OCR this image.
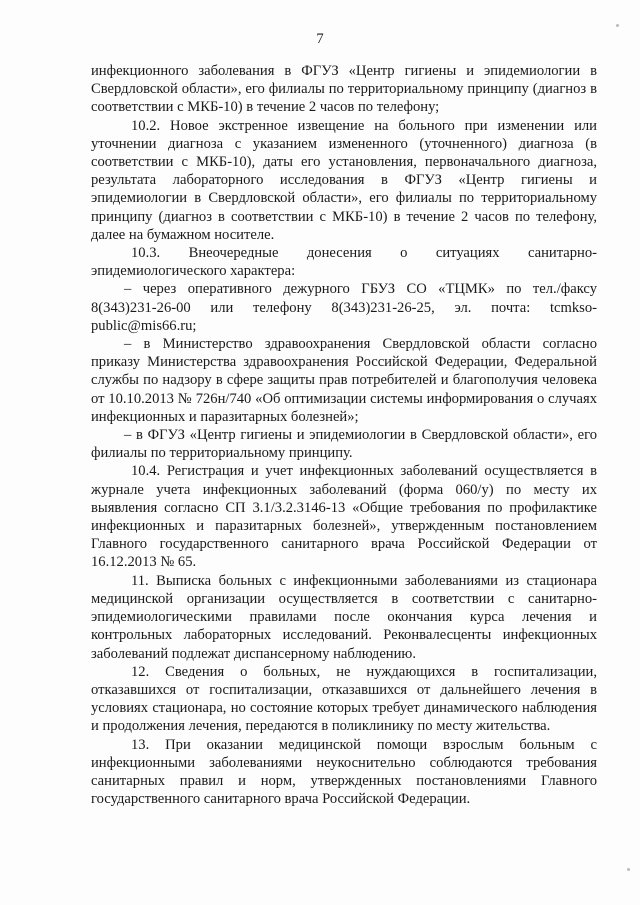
7

инфекционного заболевания в ФГУЗ «Центр гигиены и эпидемиологии в Свердловской области», его филиалы по территориальному принципу (диагноз в соответствии с МКБ-10) в течение 2 часов по телефону;

10.2. Новое экстренное извещение на больного при изменении или уточнении диагноза с указанием измененного (уточненного) диагноза (в соответствии с МКБ-10), даты его установления, первоначального диагноза, результата лабораторного исследования в ФГУЗ «Центр гигиены и эпидемиологии в Свердловской области», его филиалы по территориальному принципу (диагноз в соответствии с МКБ-10) в течение 2 часов по телефону, далее на бумажном носителе.

10.3. Внеочередные донесения о ситуациях санитарно-эпидемиологического характера:

– через оперативного дежурного ГБУЗ СО «ТЦМК» по тел./факсу 8(343)231-26-00 или телефону 8(343)231-26-25, эл. почта: tcmkso-public@mis66.ru;

– в Министерство здравоохранения Свердловской области согласно приказу Министерства здравоохранения Российской Федерации, Федеральной службы по надзору в сфере защиты прав потребителей и благополучия человека от 10.10.2013 № 726н/740 «Об оптимизации системы информирования о случаях инфекционных и паразитарных болезней»;

– в ФГУЗ «Центр гигиены и эпидемиологии в Свердловской области», его филиалы по территориальному принципу.

10.4. Регистрация и учет инфекционных заболеваний осуществляется в журнале учета инфекционных заболеваний (форма 060/у) по месту их выявления согласно СП 3.1/3.2.3146-13 «Общие требования по профилактике инфекционных и паразитарных болезней», утвержденным постановлением Главного государственного санитарного врача Российской Федерации от 16.12.2013 № 65.

11. Выписка больных с инфекционными заболеваниями из стационара медицинской организации осуществляется в соответствии с санитарно-эпидемиологическими правилами после окончания курса лечения и контрольных лабораторных исследований. Реконвалесценты инфекционных заболеваний подлежат диспансерному наблюдению.

12. Сведения о больных, не нуждающихся в госпитализации, отказавшихся от госпитализации, отказавшихся от дальнейшего лечения в условиях стационара, но состояние которых требует динамического наблюдения и продолжения лечения, передаются в поликлинику по месту жительства.

13. При оказании медицинской помощи взрослым больным с инфекционными заболеваниями неукоснительно соблюдаются требования санитарных правил и норм, утвержденных постановлениями Главного государственного санитарного врача Российской Федерации.
